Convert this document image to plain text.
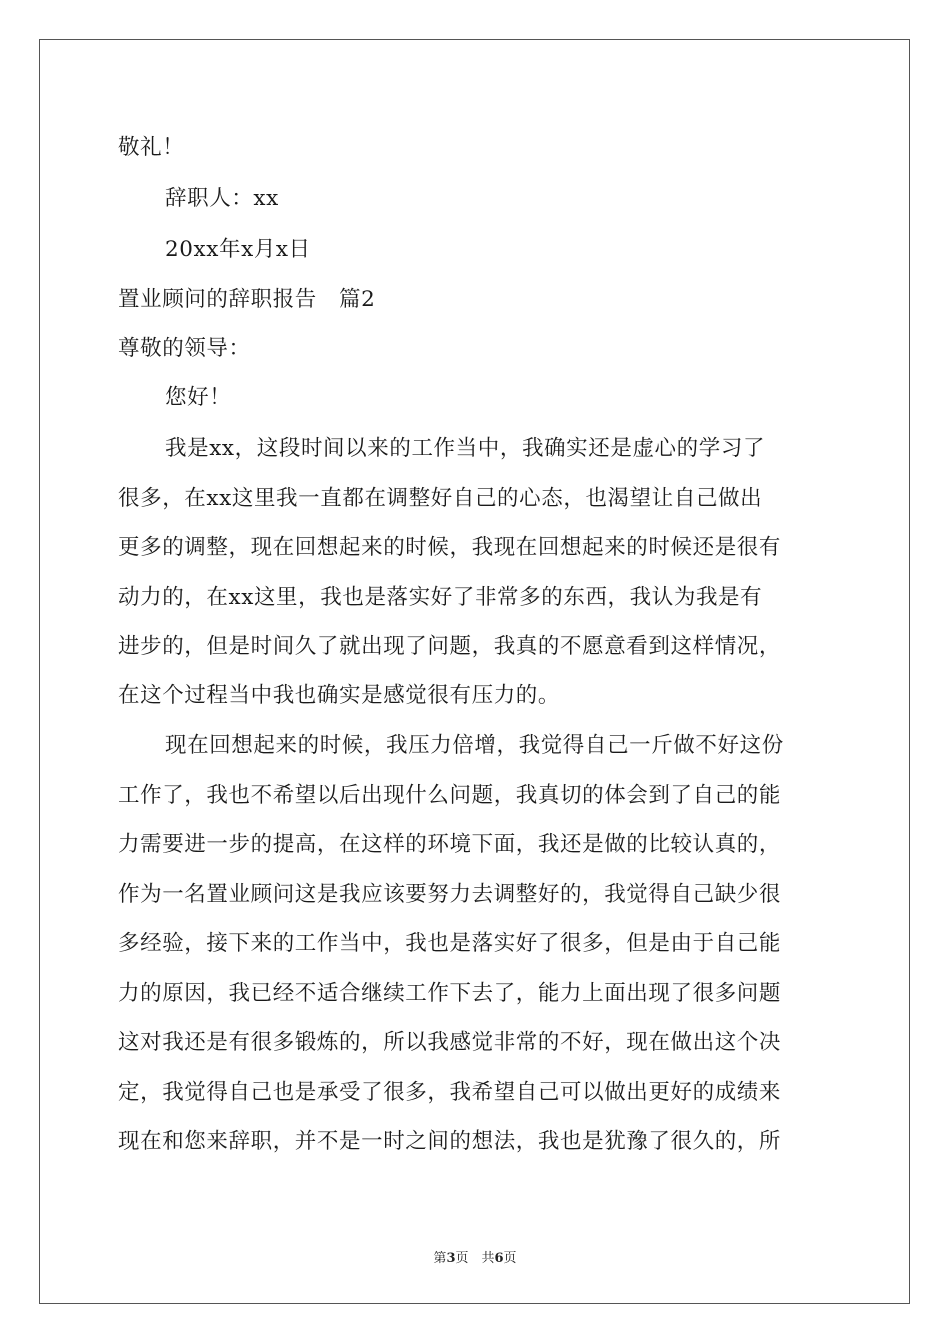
敬礼！
辞职人：xx
20xx年x月x日
置业顾问的辞职报告　篇2
尊敬的领导：
您好！
我是xx，这段时间以来的工作当中，我确实还是虚心的学习了
很多，在xx这里我一直都在调整好自己的心态，也渴望让自己做出
更多的调整，现在回想起来的时候，我现在回想起来的时候还是很有
动力的，在xx这里，我也是落实好了非常多的东西，我认为我是有
进步的，但是时间久了就出现了问题，我真的不愿意看到这样情况，
在这个过程当中我也确实是感觉很有压力的。
现在回想起来的时候，我压力倍增，我觉得自己一斤做不好这份
工作了，我也不希望以后出现什么问题，我真切的体会到了自己的能
力需要进一步的提高，在这样的环境下面，我还是做的比较认真的，
作为一名置业顾问这是我应该要努力去调整好的，我觉得自己缺少很
多经验，接下来的工作当中，我也是落实好了很多，但是由于自己能
力的原因，我已经不适合继续工作下去了，能力上面出现了很多问题
这对我还是有很多锻炼的，所以我感觉非常的不好，现在做出这个决
定，我觉得自己也是承受了很多，我希望自己可以做出更好的成绩来
现在和您来辞职，并不是一时之间的想法，我也是犹豫了很久的，所
第3页　共6页
